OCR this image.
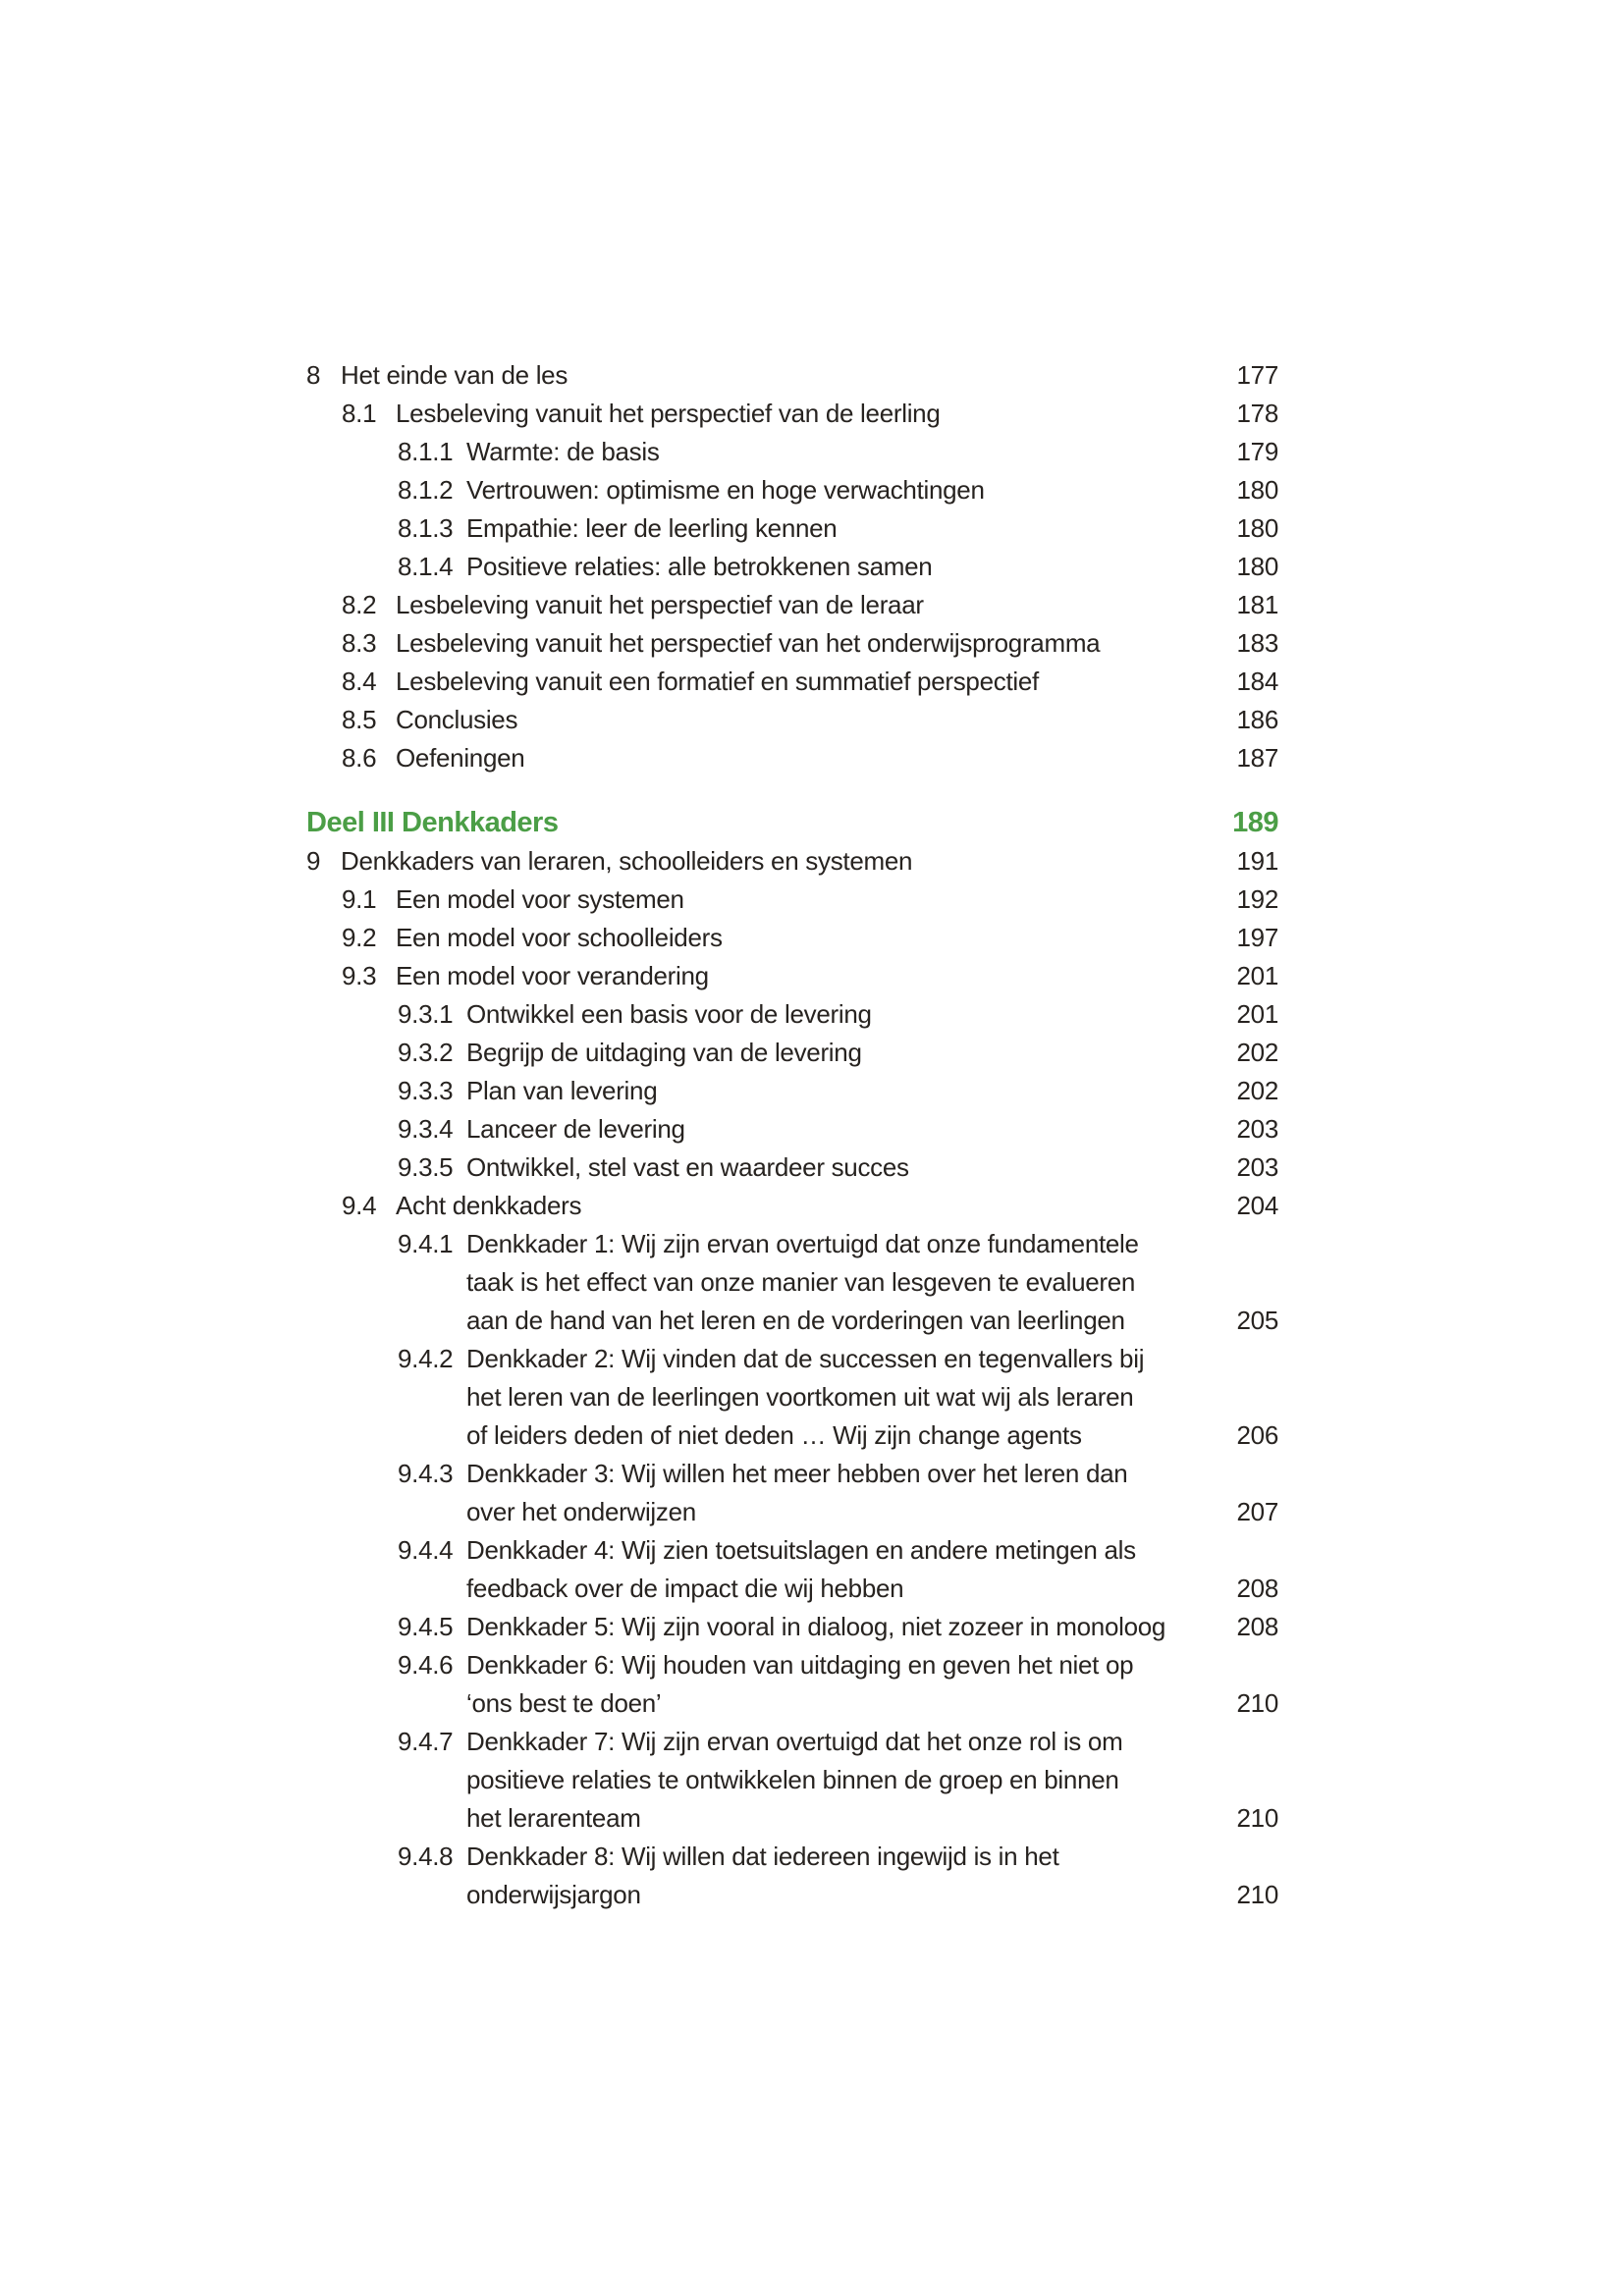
8 Het einde van de les	177
8.1 Lesbeleving vanuit het perspectief van de leerling	178
8.1.1 Warmte: de basis	179
8.1.2 Vertrouwen: optimisme en hoge verwachtingen	180
8.1.3 Empathie: leer de leerling kennen	180
8.1.4 Positieve relaties: alle betrokkenen samen	180
8.2 Lesbeleving vanuit het perspectief van de leraar	181
8.3 Lesbeleving vanuit het perspectief van het onderwijsprogramma	183
8.4 Lesbeleving vanuit een formatief en summatief perspectief	184
8.5 Conclusies	186
8.6 Oefeningen	187
Deel III Denkkaders	189
9 Denkkaders van leraren, schoolleiders en systemen	191
9.1 Een model voor systemen	192
9.2 Een model voor schoolleiders	197
9.3 Een model voor verandering	201
9.3.1 Ontwikkel een basis voor de levering	201
9.3.2 Begrijp de uitdaging van de levering	202
9.3.3 Plan van levering	202
9.3.4 Lanceer de levering	203
9.3.5 Ontwikkel, stel vast en waardeer succes	203
9.4 Acht denkkaders	204
9.4.1 Denkkader 1: Wij zijn ervan overtuigd dat onze fundamentele
taak is het effect van onze manier van lesgeven te evalueren
aan de hand van het leren en de vorderingen van leerlingen	205
9.4.2 Denkkader 2: Wij vinden dat de successen en tegenvallers bij
het leren van de leerlingen voortkomen uit wat wij als leraren
of leiders deden of niet deden … Wij zijn change agents	206
9.4.3 Denkkader 3: Wij willen het meer hebben over het leren dan
over het onderwijzen	207
9.4.4 Denkkader 4: Wij zien toetsuitslagen en andere metingen als
feedback over de impact die wij hebben	208
9.4.5 Denkkader 5: Wij zijn vooral in dialoog, niet zozeer in monoloog	208
9.4.6 Denkkader 6: Wij houden van uitdaging en geven het niet op
‘ons best te doen’	210
9.4.7 Denkkader 7: Wij zijn ervan overtuigd dat het onze rol is om
positieve relaties te ontwikkelen binnen de groep en binnen
het lerarenteam	210
9.4.8 Denkkader 8: Wij willen dat iedereen ingewijd is in het
onderwijsjargon	210
